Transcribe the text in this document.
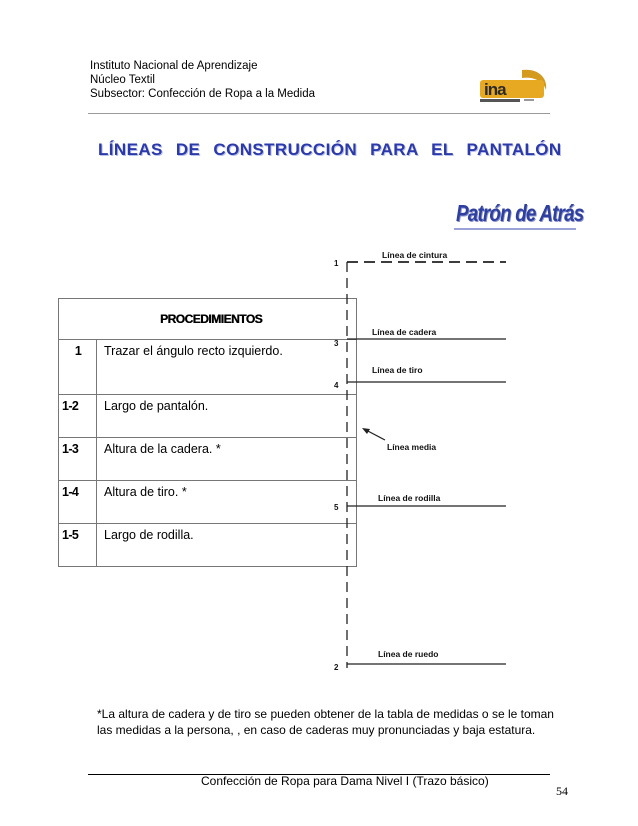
Instituto Nacional de Aprendizaje
Núcleo Textil
Subsector: Confección de Ropa a la Medida	ina
LÍNEAS DE CONSTRUCCIÓN PARA EL PANTALÓN
Patrón de Atrás
PROCEDIMIENTOS	
1	Trazar el ángulo recto izquierdo.
1-2	Largo de pantalón.
1-3	Altura de la cadera. *
1-4	Altura de tiro. *
1-5	Largo de rodilla.
Línea de cintura
Línea de cadera
Línea de tiro
Línea media
Línea de rodilla
Línea de ruedo
1
3
4
5
2
*La altura de cadera y de tiro se pueden obtener de la tabla de medidas o se le toman las medidas a la persona, , en caso de caderas muy pronunciadas y baja estatura.
Confección de Ropa para Dama Nivel I (Trazo básico)
54
